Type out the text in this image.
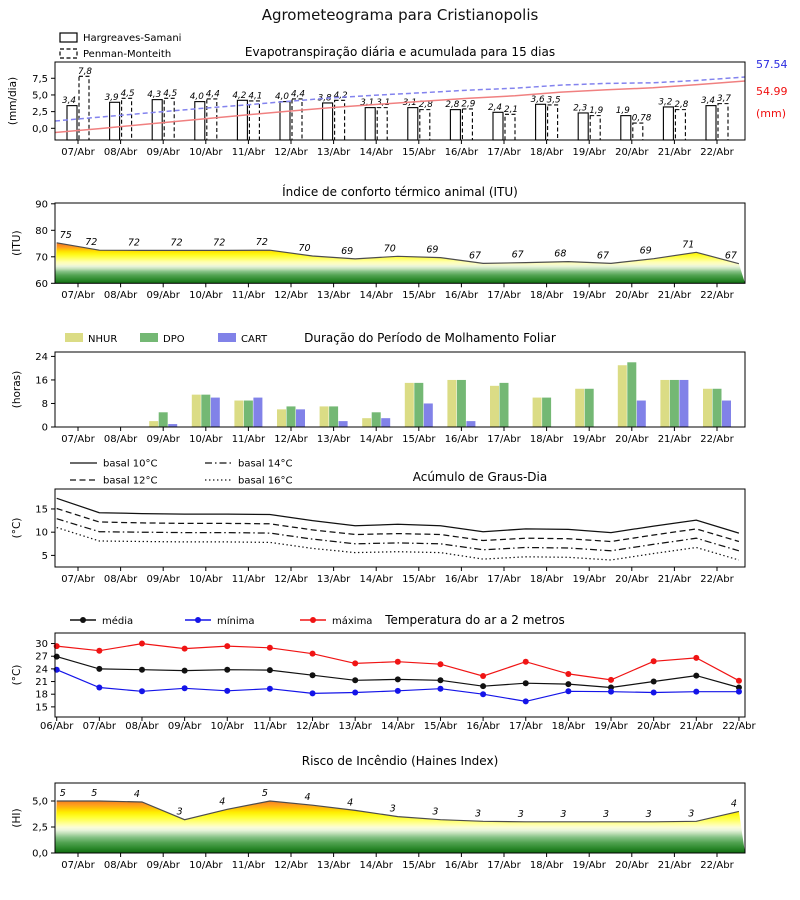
Agrometeograma para Cristianopolis
Hargreaves-Samani
Penman-Monteith	Evapotranspiração diária e acumulada para 15 dias
3,4
7,8
3,9 4,5 4,3 4,5 4,0 4,4 4,2 4,1 4,0 4,4 3,8 4,2
3,1 3,1 3,1 2,8 2,8 2,9 2,4 2,1
3,6 3,5
2,3 1,9 1,9
0,78
3,2 2,8 3,4 3,7
0,0
2,5
5,0
7,5
07/Abr 08/Abr 09/Abr 10/Abr 11/Abr 12/Abr 13/Abr 14/Abr 15/Abr 16/Abr 17/Abr 18/Abr 19/Abr 20/Abr 21/Abr 22/Abr
(mm/dia)
57.54
54.99
(mm)
Índice de conforto térmico animal (ITU)
75
72	72	72	72	72
70	69	70	69
67	67	68	67	69
71
67
60
70
80
90
07/Abr 08/Abr 09/Abr 10/Abr 11/Abr 12/Abr 13/Abr 14/Abr 15/Abr 16/Abr 17/Abr 18/Abr 19/Abr 20/Abr 21/Abr 22/Abr
(ITU)
NHUR	DPO	CART	Duração do Período de Molhamento Foliar
0
8
16
24
07/Abr 08/Abr 09/Abr 10/Abr 11/Abr 12/Abr 13/Abr 14/Abr 15/Abr 16/Abr 17/Abr 18/Abr 19/Abr 20/Abr 21/Abr 22/Abr
(horas)
basal 10°C
basal 12°C
basal 14°C
basal 16°C	Acúmulo de Graus-Dia
5
10
15
07/Abr 08/Abr 09/Abr 10/Abr 11/Abr 12/Abr 13/Abr 14/Abr 15/Abr 16/Abr 17/Abr 18/Abr 19/Abr 20/Abr 21/Abr 22/Abr
(°C)
média	mínima	máxima Temperatura do ar a 2 metros
15
18
21
24
27
30
06/Abr 07/Abr 08/Abr 09/Abr 10/Abr 11/Abr 12/Abr 13/Abr 14/Abr 15/Abr 16/Abr 17/Abr 18/Abr 19/Abr 20/Abr 21/Abr 22/Abr
(°C)
Risco de Incêndio (Haines Index)
5	5	4
3
4
5	4	4
3	3	3	3	3	3	3	3
4
0,0
2,5
5,0
07/Abr 08/Abr 09/Abr 10/Abr 11/Abr 12/Abr 13/Abr 14/Abr 15/Abr 16/Abr 17/Abr 18/Abr 19/Abr 20/Abr 21/Abr 22/Abr
(HI)
